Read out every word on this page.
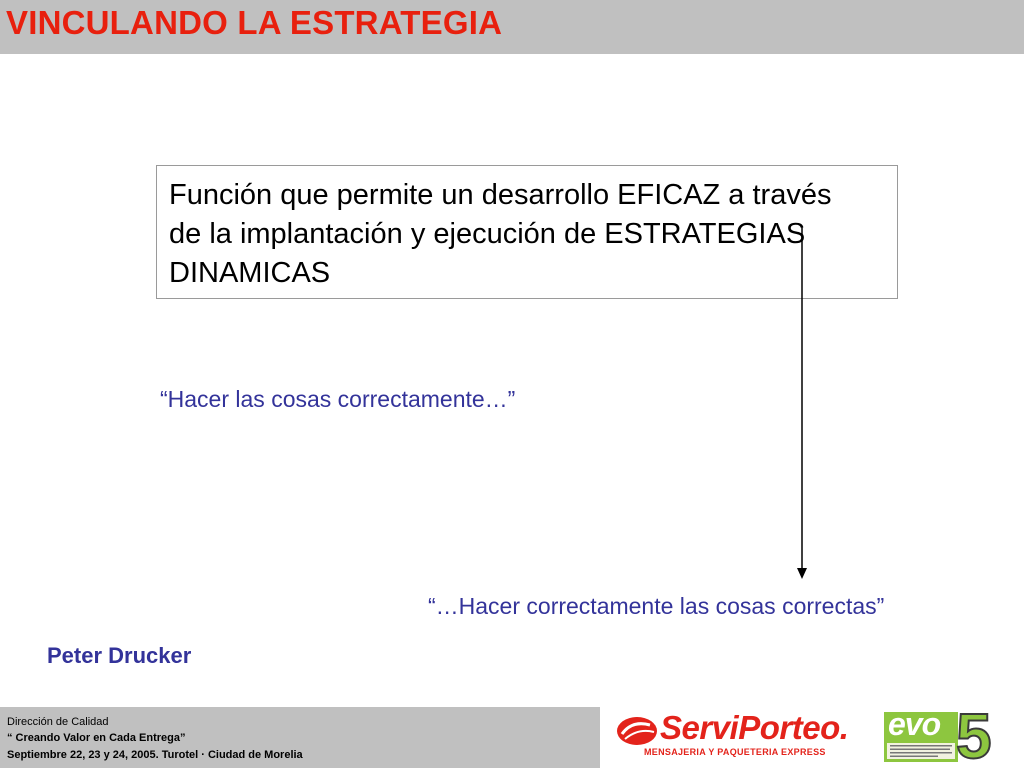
VINCULANDO LA ESTRATEGIA
Función que permite un desarrollo EFICAZ a través de la implantación y ejecución de ESTRATEGIAS DINAMICAS
“Hacer las cosas correctamente…”
“…Hacer correctamente las cosas correctas”
Peter Drucker
Dirección de Calidad
“ Creando Valor en Cada Entrega”
Septiembre 22, 23 y 24, 2005. Turotel · Ciudad de Morelia
ServiPorteo.
MENSAJERIA Y PAQUETERIA EXPRESS
evo 5
